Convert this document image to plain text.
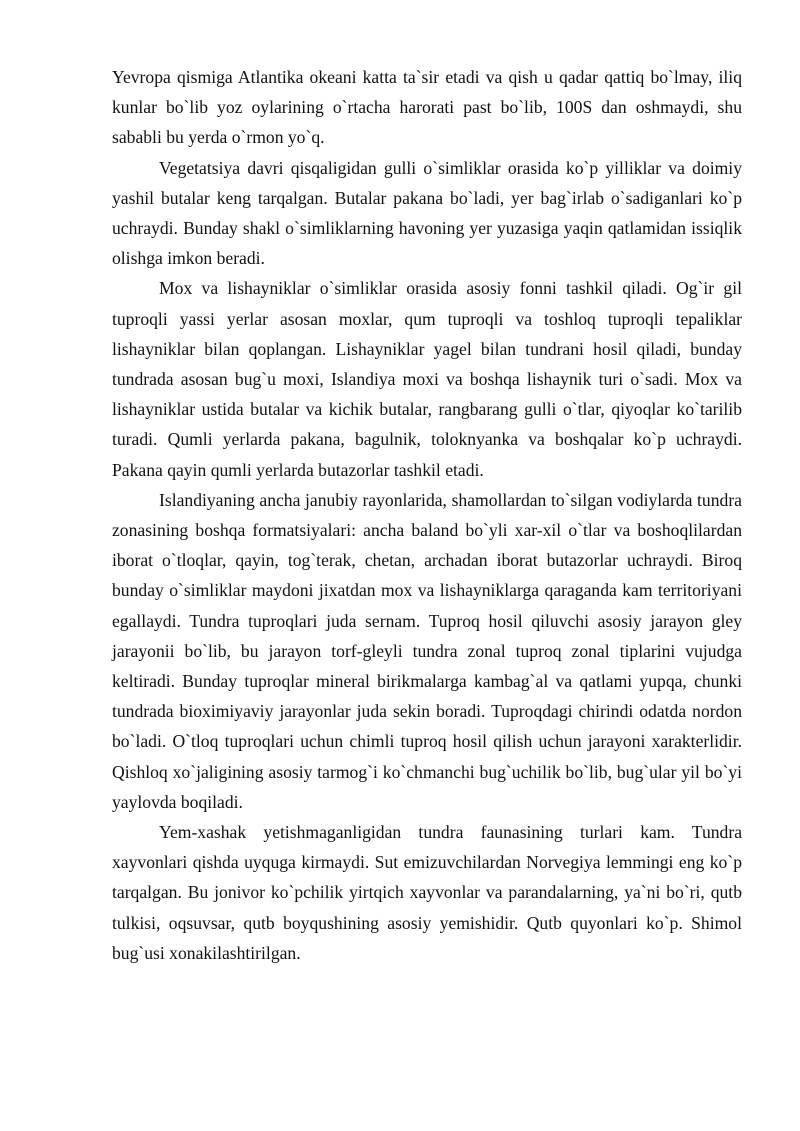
Yevropa qismiga Atlantika okeani katta ta`sir etadi va qish u qadar qattiq bo`lmay, iliq kunlar bo`lib yoz oylarining o`rtacha harorati past bo`lib, 100S dan oshmaydi, shu sababli bu yerda o`rmon yo`q.

Vegetatsiya davri qisqaligidan gulli o`simliklar orasida ko`p yilliklar va doimiy yashil butalar keng tarqalgan. Butalar pakana bo`ladi, yer bag`irlab o`sadiganlari ko`p uchraydi. Bunday shakl o`simliklarning havoning yer yuzasiga yaqin qatlamidan issiqlik olishga imkon beradi.

Mox va lishayniklar o`simliklar orasida asosiy fonni tashkil qiladi. Og`ir gil tuproqli yassi yerlar asosan moxlar, qum tuproqli va toshloq tuproqli tepaliklar lishayniklar bilan qoplangan. Lishayniklar yagel bilan tundrani hosil qiladi, bunday tundrada asosan bug`u moxi, Islandiya moxi va boshqa lishaynik turi o`sadi. Mox va lishayniklar ustida butalar va kichik butalar, rangbarang gulli o`tlar, qiyoqlar ko`tarilib turadi. Qumli yerlarda pakana, bagulnik, toloknyanka va boshqalar ko`p uchraydi. Pakana qayin qumli yerlarda butazorlar tashkil etadi.

Islandiyaning ancha janubiy rayonlarida, shamollardan to`silgan vodiylarda tundra zonasining boshqa formatsiyalari: ancha baland bo`yli xar-xil o`tlar va boshoqlilardan iborat o`tloqlar, qayin, tog`terak, chetan, archadan iborat butazorlar uchraydi. Biroq bunday o`simliklar maydoni jixatdan mox va lishayniklarga qaraganda kam territoriyani egallaydi. Tundra tuproqlari juda sernam. Tuproq hosil qiluvchi asosiy jarayon gley jarayonii bo`lib, bu jarayon torf-gleyli tundra zonal tuproq zonal tiplarini vujudga keltiradi. Bunday tuproqlar mineral birikmalarga kambag`al va qatlami yupqa, chunki tundrada bioximiyaviy jarayonlar juda sekin boradi. Tuproqdagi chirindi odatda nordon bo`ladi. O`tloq tuproqlari uchun chimli tuproq hosil qilish uchun jarayoni xarakterlidir. Qishloq xo`jaligining asosiy tarmog`i ko`chmanchi bug`uchilik bo`lib, bug`ular yil bo`yi yaylovda boqiladi.

Yem-xashak yetishmaganligidan tundra faunasining turlari kam. Tundra xayvonlari qishda uyquga kirmaydi. Sut emizuvchilardan Norvegiya lemmingi eng ko`p tarqalgan. Bu jonivor ko`pchilik yirtqich xayvonlar va parandalarning, ya`ni bo`ri, qutb tulkisi, oqsuvsar, qutb boyqushining asosiy yemishidir. Qutb quyonlari ko`p. Shimol bug`usi xonakilashtirilgan.
